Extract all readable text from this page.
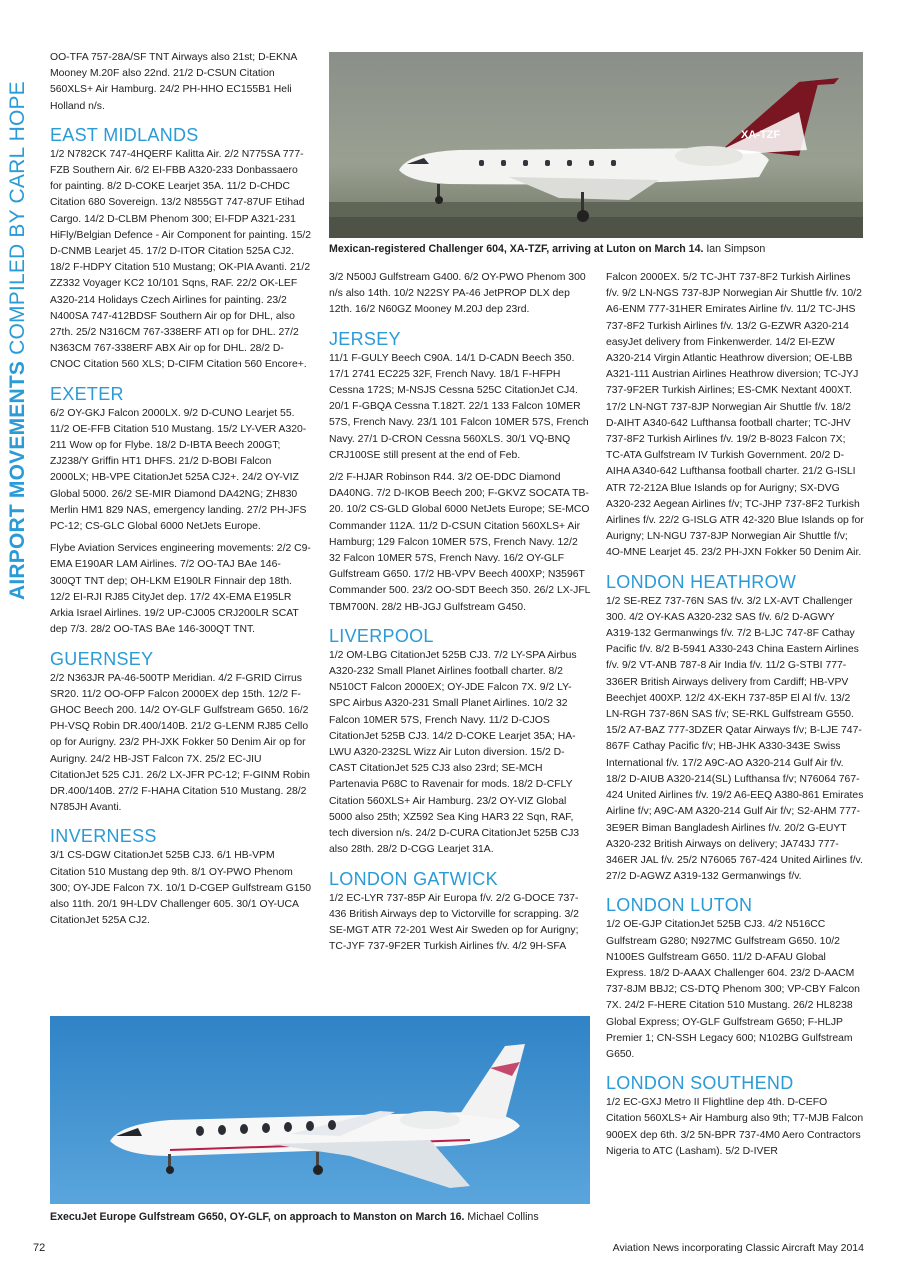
AIRPORT MOVEMENTS COMPILED BY CARL HOPE	XA-TZF
Mexican-registered Challenger 604, XA-TZF, arriving at Luton on March 14. Ian Simpson

OO-TFA 757-28A/SF TNT Airways also 21st; D-EKNA Mooney M.20F also 22nd. 21/2 D-CSUN Citation 560XLS+ Air Hamburg. 24/2 PH-HHO EC155B1 Heli Holland n/s.

EAST MIDLANDS

1/2 N782CK 747-4HQERF Kalitta Air. 2/2 N775SA 777-FZB Southern Air. 6/2 EI-FBB A320-233 Donbassaero for painting. 8/2 D-COKE Learjet 35A. 11/2 D-CHDC Citation 680 Sovereign. 13/2 N855GT 747-87UF Etihad Cargo. 14/2 D-CLBM Phenom 300; EI-FDP A321-231 HiFly/Belgian Defence - Air Component for painting. 15/2 D-CNMB Learjet 45. 17/2 D-ITOR Citation 525A CJ2. 18/2 F-HDPY Citation 510 Mustang; OK-PIA Avanti. 21/2 ZZ332 Voyager KC2 10/101 Sqns, RAF. 22/2 OK-LEF A320-214 Holidays Czech Airlines for painting. 23/2 N400SA 747-412BDSF Southern Air op for DHL, also 27th. 25/2 N316CM 767-338ERF ATI op for DHL. 27/2 N363CM 767-338ERF ABX Air op for DHL. 28/2 D-CNOC Citation 560 XLS; D-CIFM Citation 560 Encore+.

EXETER

6/2 OY-GKJ Falcon 2000LX. 9/2 D-CUNO Learjet 55. 11/2 OE-FFB Citation 510 Mustang. 15/2 LY-VER A320-211 Wow op for Flybe. 18/2 D-IBTA Beech 200GT; ZJ238/Y Griffin HT1 DHFS. 21/2 D-BOBI Falcon 2000LX; HB-VPE CitationJet 525A CJ2+. 24/2 OY-VIZ Global 5000. 26/2 SE-MIR Diamond DA42NG; ZH830 Merlin HM1 829 NAS, emergency landing. 27/2 PH-JFS PC-12; CS-GLC Global 6000 NetJets Europe.

Flybe Aviation Services engineering movements: 2/2 C9-EMA E190AR LAM Airlines. 7/2 OO-TAJ BAe 146-300QT TNT dep; OH-LKM E190LR Finnair dep 18th. 12/2 EI-RJI RJ85 CityJet dep. 17/2 4X-EMA E195LR Arkia Israel Airlines. 19/2 UP-CJ005 CRJ200LR SCAT dep 7/3. 28/2 OO-TAS BAe 146-300QT TNT.

GUERNSEY

2/2 N363JR PA-46-500TP Meridian. 4/2 F-GRID Cirrus SR20. 11/2 OO-OFP Falcon 2000EX dep 15th. 12/2 F-GHOC Beech 200. 14/2 OY-GLF Gulfstream G650. 16/2 PH-VSQ Robin DR.400/140B. 21/2 G-LENM RJ85 Cello op for Aurigny. 23/2 PH-JXK Fokker 50 Denim Air op for Aurigny. 24/2 HB-JST Falcon 7X. 25/2 EC-JIU CitationJet 525 CJ1. 26/2 LX-JFR PC-12; F-GINM Robin DR.400/140B. 27/2 F-HAHA Citation 510 Mustang. 28/2 N785JH Avanti.

INVERNESS

3/1 CS-DGW CitationJet 525B CJ3. 6/1 HB-VPM Citation 510 Mustang dep 9th. 8/1 OY-PWO Phenom 300; OY-JDE Falcon 7X. 10/1 D-CGEP Gulfstream G150 also 11th. 20/1 9H-LDV Challenger 605. 30/1 OY-UCA CitationJet 525A CJ2.

3/2 N500J Gulfstream G400. 6/2 OY-PWO Phenom 300 n/s also 14th. 10/2 N22SY PA-46 JetPROP DLX dep 12th. 16/2 N60GZ Mooney M.20J dep 23rd.

JERSEY

11/1 F-GULY Beech C90A. 14/1 D-CADN Beech 350. 17/1 2741 EC225 32F, French Navy. 18/1 F-HFPH Cessna 172S; M-NSJS Cessna 525C CitationJet CJ4. 20/1 F-GBQA Cessna T.182T. 22/1 133 Falcon 10MER 57S, French Navy. 23/1 101 Falcon 10MER 57S, French Navy. 27/1 D-CRON Cessna 560XLS. 30/1 VQ-BNQ CRJ100SE still present at the end of Feb.

2/2 F-HJAR Robinson R44. 3/2 OE-DDC Diamond DA40NG. 7/2 D-IKOB Beech 200; F-GKVZ SOCATA TB-20. 10/2 CS-GLD Global 6000 NetJets Europe; SE-MCO Commander 112A. 11/2 D-CSUN Citation 560XLS+ Air Hamburg; 129 Falcon 10MER 57S, French Navy. 12/2 32 Falcon 10MER 57S, French Navy. 16/2 OY-GLF Gulfstream G650. 17/2 HB-VPV Beech 400XP; N3596T Commander 500. 23/2 OO-SDT Beech 350. 26/2 LX-JFL TBM700N. 28/2 HB-JGJ Gulfstream G450.

LIVERPOOL

1/2 OM-LBG CitationJet 525B CJ3. 7/2 LY-SPA Airbus A320-232 Small Planet Airlines football charter. 8/2 N510CT Falcon 2000EX; OY-JDE Falcon 7X. 9/2 LY-SPC Airbus A320-231 Small Planet Airlines. 10/2 32 Falcon 10MER 57S, French Navy. 11/2 D-CJOS CitationJet 525B CJ3. 14/2 D-COKE Learjet 35A; HA-LWU A320-232SL Wizz Air Luton diversion. 15/2 D-CAST CitationJet 525 CJ3 also 23rd; SE-MCH Partenavia P68C to Ravenair for mods. 18/2 D-CFLY Citation 560XLS+ Air Hamburg. 23/2 OY-VIZ Global 5000 also 25th; XZ592 Sea King HAR3 22 Sqn, RAF, tech diversion n/s. 24/2 D-CURA CitationJet 525B CJ3 also 28th. 28/2 D-CGG Learjet 31A.

LONDON GATWICK

1/2 EC-LYR 737-85P Air Europa f/v. 2/2 G-DOCE 737-436 British Airways dep to Victorville for scrapping. 3/2 SE-MGT ATR 72-201 West Air Sweden op for Aurigny; TC-JYF 737-9F2ER Turkish Airlines f/v. 4/2 9H-SFA

Falcon 2000EX. 5/2 TC-JHT 737-8F2 Turkish Airlines f/v. 9/2 LN-NGS 737-8JP Norwegian Air Shuttle f/v. 10/2 A6-ENM 777-31HER Emirates Airline f/v. 11/2 TC-JHS 737-8F2 Turkish Airlines f/v. 13/2 G-EZWR A320-214 easyJet delivery from Finkenwerder. 14/2 EI-EZW A320-214 Virgin Atlantic Heathrow diversion; OE-LBB A321-111 Austrian Airlines Heathrow diversion; TC-JYJ 737-9F2ER Turkish Airlines; ES-CMK Nextant 400XT. 17/2 LN-NGT 737-8JP Norwegian Air Shuttle f/v. 18/2 D-AIHT A340-642 Lufthansa football charter; TC-JHV 737-8F2 Turkish Airlines f/v. 19/2 B-8023 Falcon 7X; TC-ATA Gulfstream IV Turkish Government. 20/2 D-AIHA A340-642 Lufthansa football charter. 21/2 G-ISLI ATR 72-212A Blue Islands op for Aurigny; SX-DVG A320-232 Aegean Airlines f/v; TC-JHP 737-8F2 Turkish Airlines f/v. 22/2 G-ISLG ATR 42-320 Blue Islands op for Aurigny; LN-NGU 737-8JP Norwegian Air Shuttle f/v; 4O-MNE Learjet 45. 23/2 PH-JXN Fokker 50 Denim Air.

LONDON HEATHROW

1/2 SE-REZ 737-76N SAS f/v. 3/2 LX-AVT Challenger 300. 4/2 OY-KAS A320-232 SAS f/v. 6/2 D-AGWY A319-132 Germanwings f/v. 7/2 B-LJC 747-8F Cathay Pacific f/v. 8/2 B-5941 A330-243 China Eastern Airlines f/v. 9/2 VT-ANB 787-8 Air India f/v. 11/2 G-STBI 777-336ER British Airways delivery from Cardiff; HB-VPV Beechjet 400XP. 12/2 4X-EKH 737-85P El Al f/v. 13/2 LN-RGH 737-86N SAS f/v; SE-RKL Gulfstream G550. 15/2 A7-BAZ 777-3DZER Qatar Airways f/v; B-LJE 747-867F Cathay Pacific f/v; HB-JHK A330-343E Swiss International f/v. 17/2 A9C-AO A320-214 Gulf Air f/v. 18/2 D-AIUB A320-214(SL) Lufthansa f/v; N76064 767-424 United Airlines f/v. 19/2 A6-EEQ A380-861 Emirates Airline f/v; A9C-AM A320-214 Gulf Air f/v; S2-AHM 777-3E9ER Biman Bangladesh Airlines f/v. 20/2 G-EUYT A320-232 British Airways on delivery; JA743J 777-346ER JAL f/v. 25/2 N76065 767-424 United Airlines f/v. 27/2 D-AGWZ A319-132 Germanwings f/v.

LONDON LUTON

1/2 OE-GJP CitationJet 525B CJ3. 4/2 N516CC Gulfstream G280; N927MC Gulfstream G650. 10/2 N100ES Gulfstream G650. 11/2 D-AFAU Global Express. 18/2 D-AAAX Challenger 604. 23/2 D-AACM 737-8JM BBJ2; CS-DTQ Phenom 300; VP-CBY Falcon 7X. 24/2 F-HERE Citation 510 Mustang. 26/2 HL8238 Global Express; OY-GLF Gulfstream G650; F-HLJP Premier 1; CN-SSH Legacy 600; N102BG Gulfstream G650.

LONDON SOUTHEND

1/2 EC-GXJ Metro II Flightline dep 4th. D-CEFO Citation 560XLS+ Air Hamburg also 9th; T7-MJB Falcon 900EX dep 6th. 3/2 5N-BPR 737-4M0 Aero Contractors Nigeria to ATC (Lasham). 5/2 D-IVER

ExecuJet Europe Gulfstream G650, OY-GLF, on approach to Manston on March 16. Michael Collins
72	Aviation News incorporating Classic Aircraft May 2014
